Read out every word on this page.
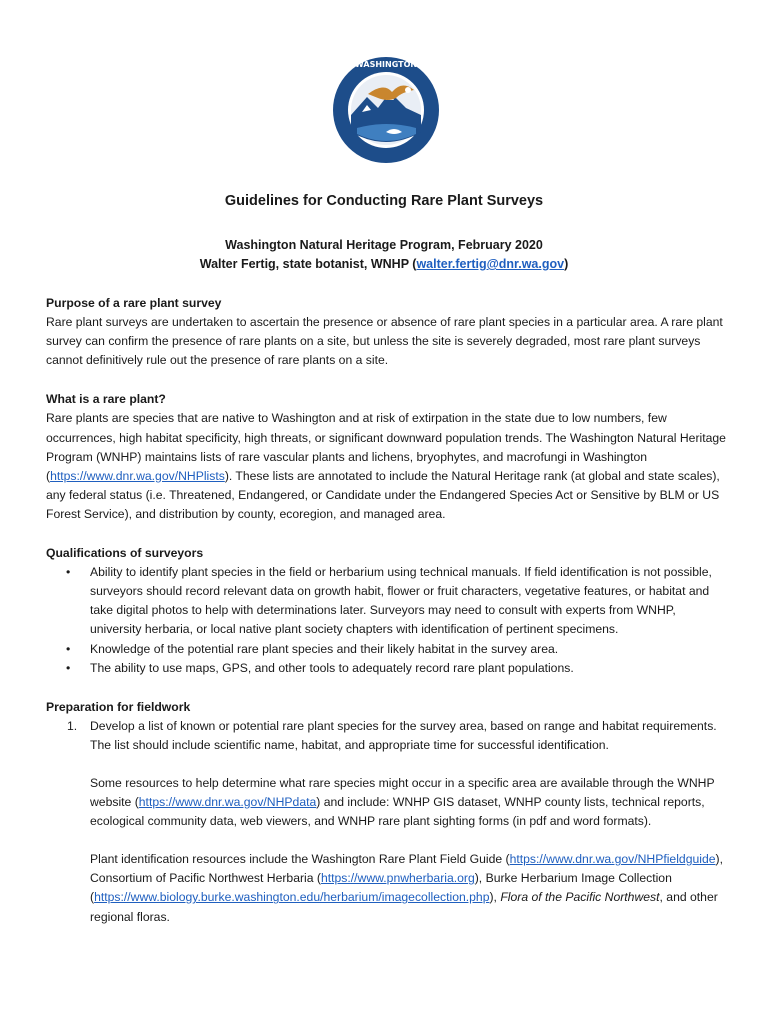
WASHINGTON
Guidelines for Conducting Rare Plant Surveys
Washington Natural Heritage Program, February 2020
Walter Fertig, state botanist, WNHP (walter.fertig@dnr.wa.gov)

Purpose of a rare plant survey

Rare plant surveys are undertaken to ascertain the presence or absence of rare plant species in a particular area. A rare plant survey can confirm the presence of rare plants on a site, but unless the site is severely degraded, most rare plant surveys cannot definitively rule out the presence of rare plants on a site.

What is a rare plant?

Rare plants are species that are native to Washington and at risk of extirpation in the state due to low numbers, few occurrences, high habitat specificity, high threats, or significant downward population trends. The Washington Natural Heritage Program (WNHP) maintains lists of rare vascular plants and lichens, bryophytes, and macrofungi in Washington (https://www.dnr.wa.gov/NHPlists). These lists are annotated to include the Natural Heritage rank (at global and state scales), any federal status (i.e. Threatened, Endangered, or Candidate under the Endangered Species Act or Sensitive by BLM or US Forest Service), and distribution by county, ecoregion, and managed area.

Qualifications of surveyors

• Ability to identify plant species in the field or herbarium using technical manuals. If field identification is not possible, surveyors should record relevant data on growth habit, flower or fruit characters, vegetative features, or habitat and take digital photos to help with determinations later. Surveyors may need to consult with experts from WNHP, university herbaria, or local native plant society chapters with identification of pertinent specimens.
• Knowledge of the potential rare plant species and their likely habitat in the survey area.
• The ability to use maps, GPS, and other tools to adequately record rare plant populations.

Preparation for fieldwork

1. Develop a list of known or potential rare plant species for the survey area, based on range and habitat requirements. The list should include scientific name, habitat, and appropriate time for successful identification.

Some resources to help determine what rare species might occur in a specific area are available through the WNHP website (https://www.dnr.wa.gov/NHPdata) and include: WNHP GIS dataset, WNHP county lists, technical reports, ecological community data, web viewers, and WNHP rare plant sighting forms (in pdf and word formats).

Plant identification resources include the Washington Rare Plant Field Guide (https://www.dnr.wa.gov/NHPfieldguide), Consortium of Pacific Northwest Herbaria (https://www.pnwherbaria.org), Burke Herbarium Image Collection (https://www.biology.burke.washington.edu/herbarium/imagecollection.php), Flora of the Pacific Northwest, and other regional floras.
